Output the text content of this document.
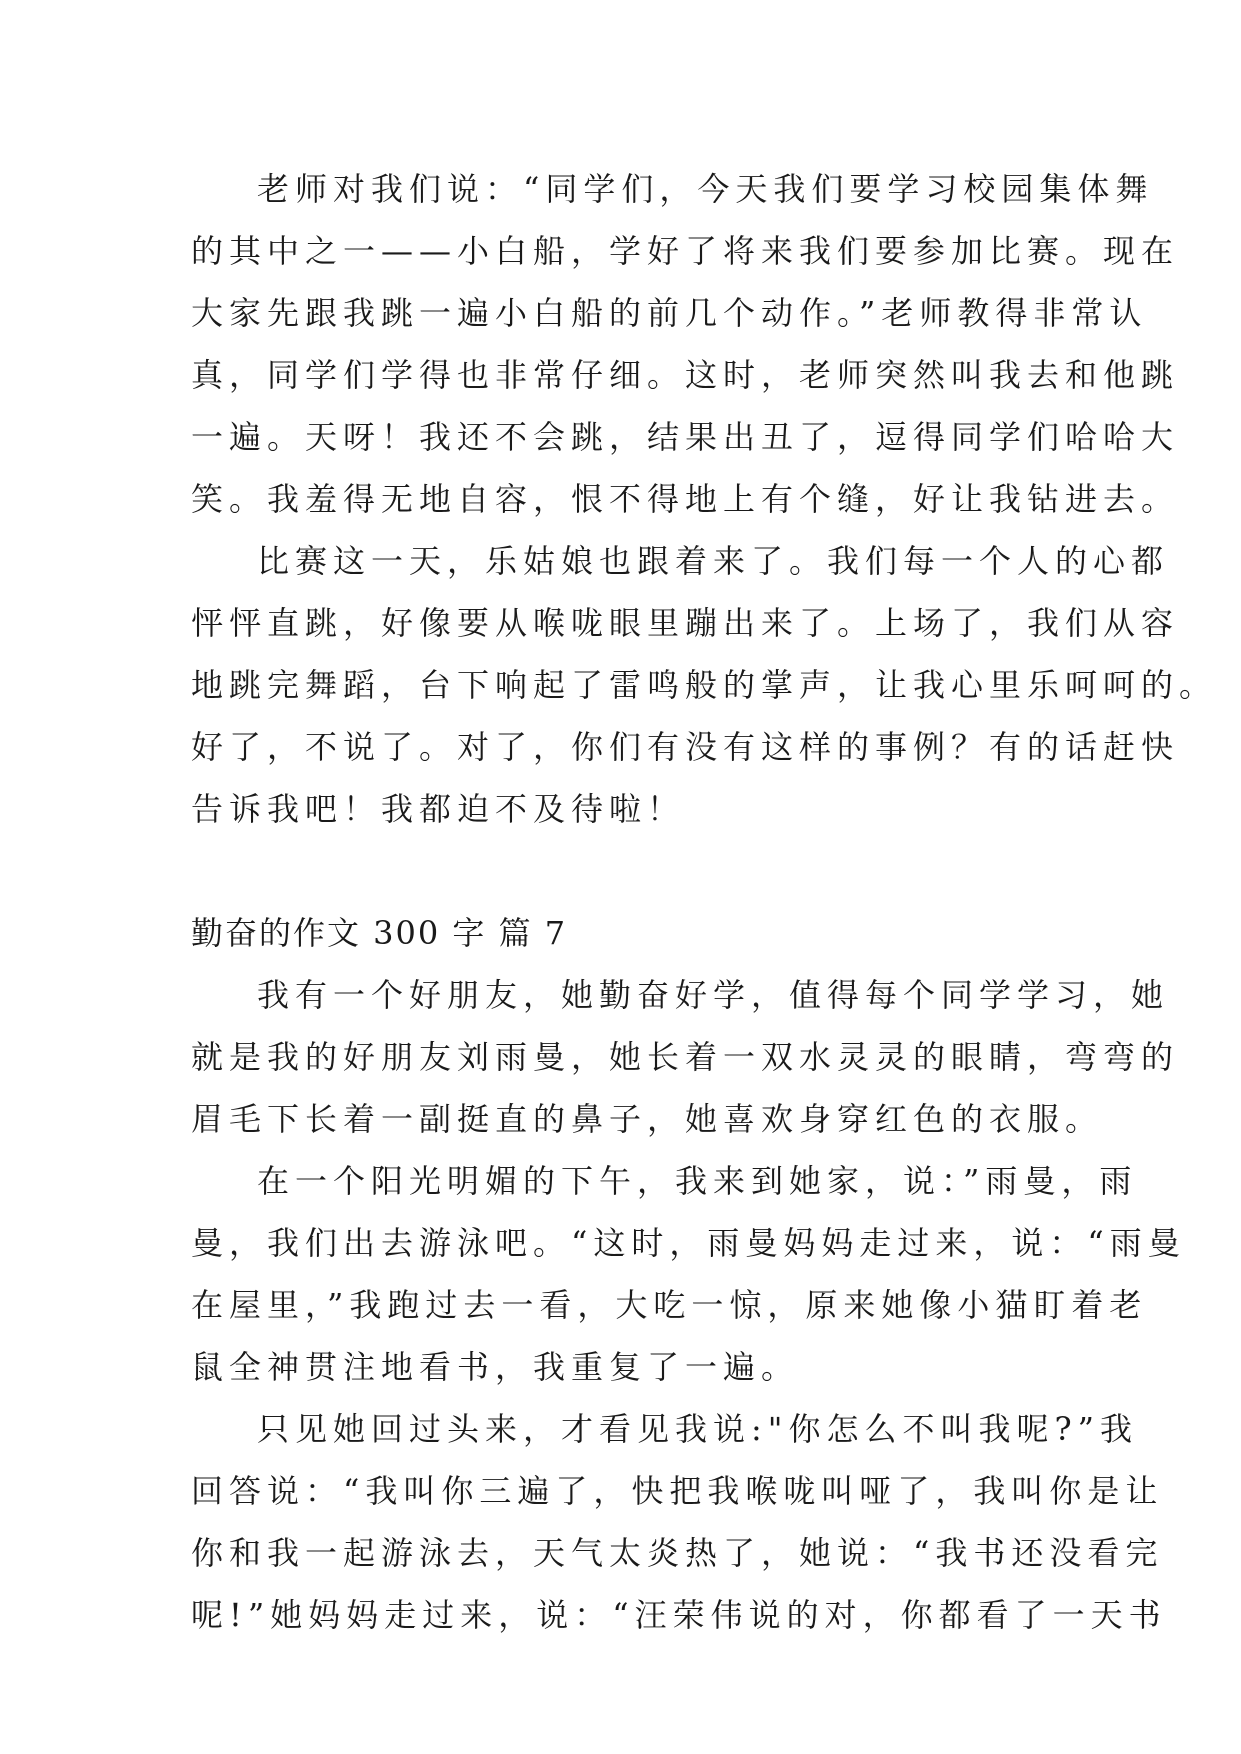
老师对我们说：“同学们，今天我们要学习校园集体舞
的其中之一——小白船，学好了将来我们要参加比赛。现在
大家先跟我跳一遍小白船的前几个动作。”老师教得非常认
真，同学们学得也非常仔细。这时，老师突然叫我去和他跳
一遍。天呀！我还不会跳，结果出丑了，逗得同学们哈哈大
笑。我羞得无地自容，恨不得地上有个缝，好让我钻进去。
比赛这一天，乐姑娘也跟着来了。我们每一个人的心都
怦怦直跳，好像要从喉咙眼里蹦出来了。上场了，我们从容
地跳完舞蹈，台下响起了雷鸣般的掌声，让我心里乐呵呵的。
好了，不说了。对了，你们有没有这样的事例？有的话赶快
告诉我吧！我都迫不及待啦！
勤奋的作文 300 字 篇 7
我有一个好朋友，她勤奋好学，值得每个同学学习，她
就是我的好朋友刘雨曼，她长着一双水灵灵的眼睛，弯弯的
眉毛下长着一副挺直的鼻子，她喜欢身穿红色的衣服。
在一个阳光明媚的下午，我来到她家，说：”雨曼，雨
曼，我们出去游泳吧。“这时，雨曼妈妈走过来，说：“雨曼
在屋里，”我跑过去一看，大吃一惊，原来她像小猫盯着老
鼠全神贯注地看书，我重复了一遍。
只见她回过头来，才看见我说:"你怎么不叫我呢?”我
回答说：“我叫你三遍了，快把我喉咙叫哑了，我叫你是让
你和我一起游泳去，天气太炎热了，她说：“我书还没看完
呢!”她妈妈走过来，说：“汪荣伟说的对，你都看了一天书
